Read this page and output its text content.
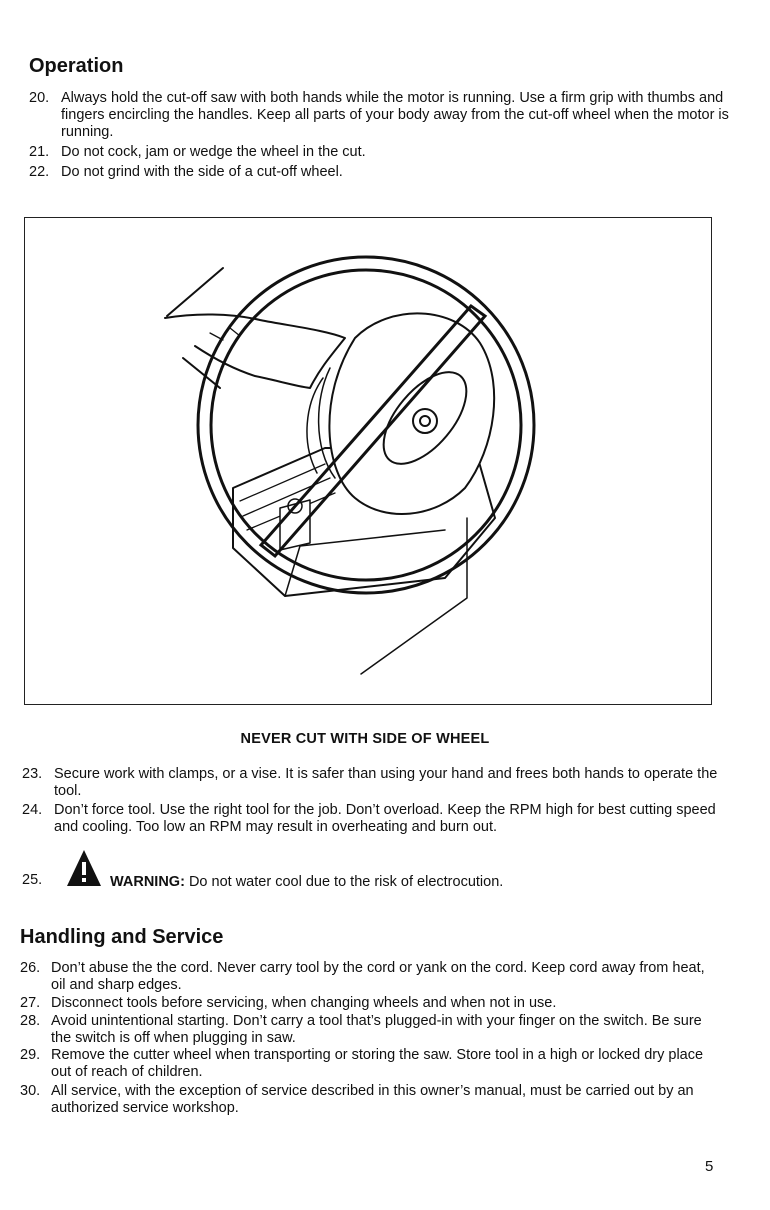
Operation
20. Always hold the cut-off saw with both hands while the motor is running. Use a firm grip with thumbs and fingers encircling the handles. Keep all parts of your body away from the cut-off wheel when the motor is running.
21. Do not cock, jam or wedge the wheel in the cut.
22. Do not grind with the side of a cut-off wheel.
NEVER CUT WITH SIDE OF WHEEL
23. Secure work with clamps, or a vise. It is safer than using your hand and frees both hands to operate the tool.
24. Don’t force tool. Use the right tool for the job. Don’t overload. Keep the RPM high for best cutting speed and cooling. Too low an RPM may result in overheating and burn out.
25.	WARNING: Do not water cool due to the risk of electrocution.
Handling and Service
26. Don’t abuse the the cord. Never carry tool by the cord or yank on the cord. Keep cord away from heat, oil and sharp edges.
27. Disconnect tools before servicing, when changing wheels and when not in use.
28. Avoid unintentional starting. Don’t carry a tool that’s plugged-in with your finger on the switch. Be sure the switch is off when plugging in saw.
29. Remove the cutter wheel when transporting or storing the saw. Store tool in a high or locked dry place out of reach of children.
30. All service, with the exception of service described in this owner’s manual, must be carried out by an authorized service workshop.
5
